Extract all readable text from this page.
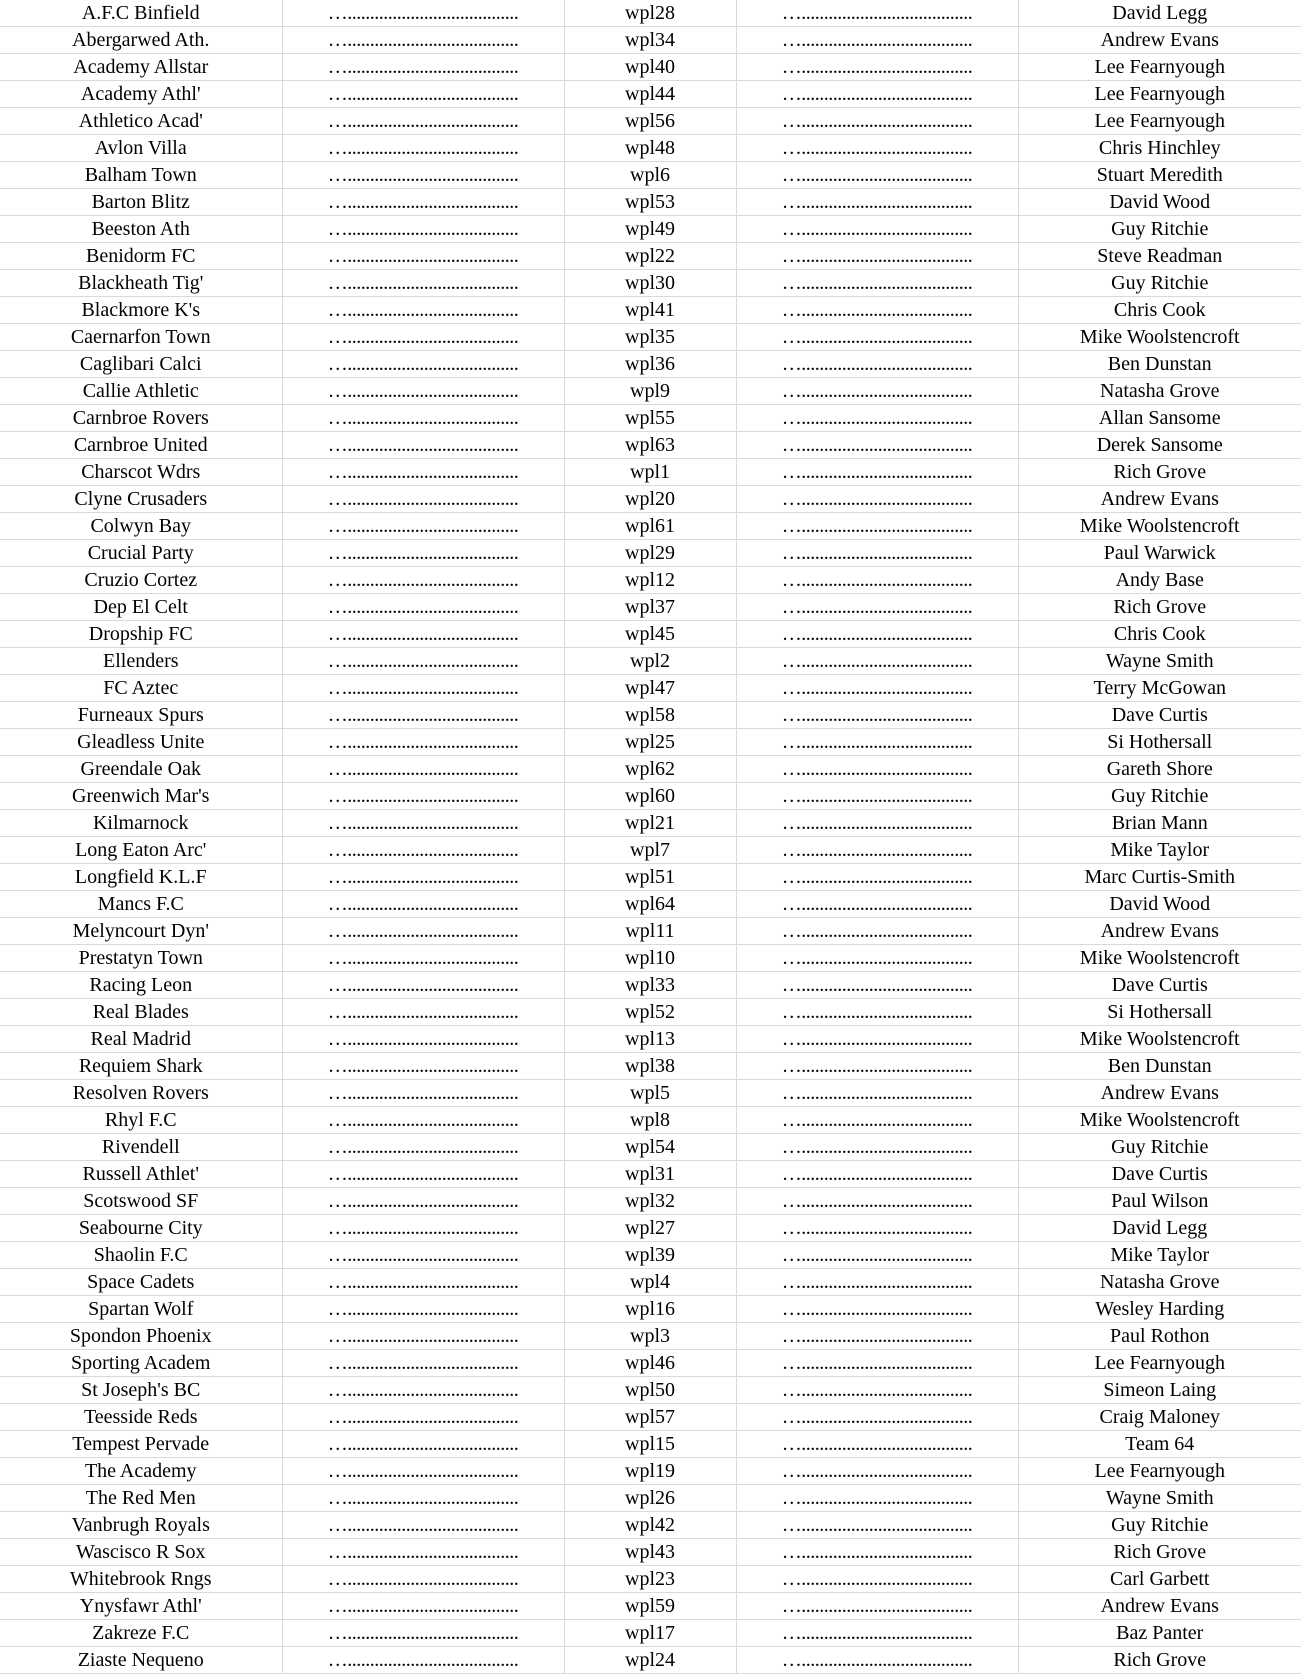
A.F.C Binfield	…......................................	wpl28	…......................................	David Legg
Abergarwed Ath.	…......................................	wpl34	…......................................	Andrew Evans
Academy Allstar	…......................................	wpl40	…......................................	Lee Fearnyough
Academy Athl'	…......................................	wpl44	…......................................	Lee Fearnyough
Athletico Acad'	…......................................	wpl56	…......................................	Lee Fearnyough
Avlon Villa	…......................................	wpl48	…......................................	Chris Hinchley
Balham Town	…......................................	wpl6	…......................................	Stuart Meredith
Barton Blitz	…......................................	wpl53	…......................................	David Wood
Beeston Ath	…......................................	wpl49	…......................................	Guy Ritchie
Benidorm FC	…......................................	wpl22	…......................................	Steve Readman
Blackheath Tig'	…......................................	wpl30	…......................................	Guy Ritchie
Blackmore K's	…......................................	wpl41	…......................................	Chris Cook
Caernarfon Town	…......................................	wpl35	…......................................	Mike Woolstencroft
Caglibari Calci	…......................................	wpl36	…......................................	Ben Dunstan
Callie Athletic	…......................................	wpl9	…......................................	Natasha Grove
Carnbroe Rovers	…......................................	wpl55	…......................................	Allan Sansome
Carnbroe United	…......................................	wpl63	…......................................	Derek Sansome
Charscot Wdrs	…......................................	wpl1	…......................................	Rich Grove
Clyne Crusaders	…......................................	wpl20	…......................................	Andrew Evans
Colwyn Bay	…......................................	wpl61	…......................................	Mike Woolstencroft
Crucial Party	…......................................	wpl29	…......................................	Paul Warwick
Cruzio Cortez	…......................................	wpl12	…......................................	Andy Base
Dep El Celt	…......................................	wpl37	…......................................	Rich Grove
Dropship FC	…......................................	wpl45	…......................................	Chris Cook
Ellenders	…......................................	wpl2	…......................................	Wayne Smith
FC Aztec	…......................................	wpl47	…......................................	Terry McGowan
Furneaux Spurs	…......................................	wpl58	…......................................	Dave Curtis
Gleadless Unite	…......................................	wpl25	…......................................	Si Hothersall
Greendale Oak	…......................................	wpl62	…......................................	Gareth Shore
Greenwich Mar's	…......................................	wpl60	…......................................	Guy Ritchie
Kilmarnock	…......................................	wpl21	…......................................	Brian Mann
Long Eaton Arc'	…......................................	wpl7	…......................................	Mike Taylor
Longfield K.L.F	…......................................	wpl51	…......................................	Marc Curtis-Smith
Mancs F.C	…......................................	wpl64	…......................................	David Wood
Melyncourt Dyn'	…......................................	wpl11	…......................................	Andrew Evans
Prestatyn Town	…......................................	wpl10	…......................................	Mike Woolstencroft
Racing Leon	…......................................	wpl33	…......................................	Dave Curtis
Real Blades	…......................................	wpl52	…......................................	Si Hothersall
Real Madrid	…......................................	wpl13	…......................................	Mike Woolstencroft
Requiem Shark	…......................................	wpl38	…......................................	Ben Dunstan
Resolven Rovers	…......................................	wpl5	…......................................	Andrew Evans
Rhyl F.C	…......................................	wpl8	…......................................	Mike Woolstencroft
Rivendell	…......................................	wpl54	…......................................	Guy Ritchie
Russell Athlet'	…......................................	wpl31	…......................................	Dave Curtis
Scotswood SF	…......................................	wpl32	…......................................	Paul Wilson
Seabourne City	…......................................	wpl27	…......................................	David Legg
Shaolin F.C	…......................................	wpl39	…......................................	Mike Taylor
Space Cadets	…......................................	wpl4	…......................................	Natasha Grove
Spartan Wolf	…......................................	wpl16	…......................................	Wesley Harding
Spondon Phoenix	…......................................	wpl3	…......................................	Paul Rothon
Sporting Academ	…......................................	wpl46	…......................................	Lee Fearnyough
St Joseph's BC	…......................................	wpl50	…......................................	Simeon Laing
Teesside Reds	…......................................	wpl57	…......................................	Craig Maloney
Tempest Pervade	…......................................	wpl15	…......................................	Team 64
The Academy	…......................................	wpl19	…......................................	Lee Fearnyough
The Red Men	…......................................	wpl26	…......................................	Wayne Smith
Vanbrugh Royals	…......................................	wpl42	…......................................	Guy Ritchie
Wascisco R Sox	…......................................	wpl43	…......................................	Rich Grove
Whitebrook Rngs	…......................................	wpl23	…......................................	Carl Garbett
Ynysfawr Athl'	…......................................	wpl59	…......................................	Andrew Evans
Zakreze F.C	…......................................	wpl17	…......................................	Baz Panter
Ziaste Nequeno	…......................................	wpl24	…......................................	Rich Grove
